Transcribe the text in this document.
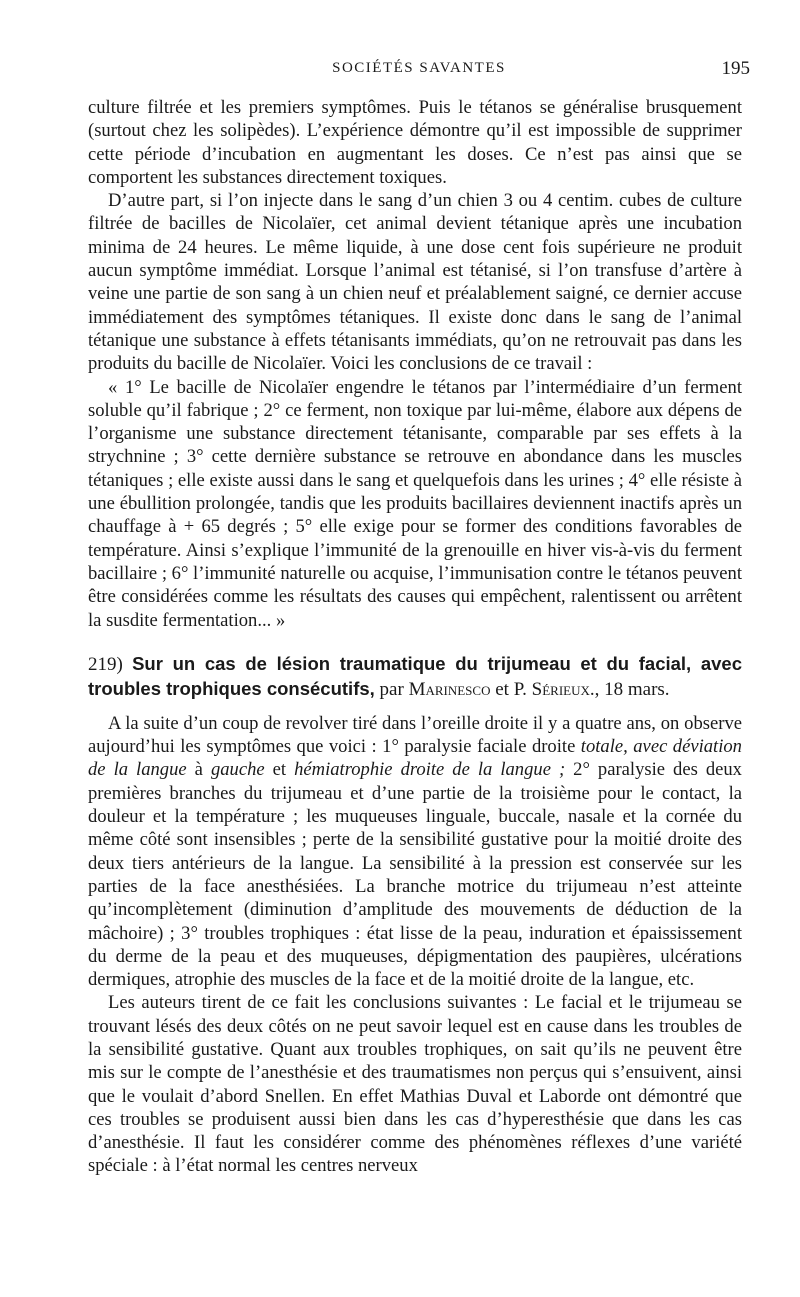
SOCIÉTÉS SAVANTES	195

culture filtrée et les premiers symptômes. Puis le tétanos se généralise brusquement (surtout chez les solipèdes). L’expérience démontre qu’il est impossible de supprimer cette période d’incubation en augmentant les doses. Ce n’est pas ainsi que se comportent les substances directement toxiques.

D’autre part, si l’on injecte dans le sang d’un chien 3 ou 4 centim. cubes de culture filtrée de bacilles de Nicolaïer, cet animal devient tétanique après une incubation minima de 24 heures. Le même liquide, à une dose cent fois supérieure ne produit aucun symptôme immédiat. Lorsque l’animal est tétanisé, si l’on transfuse d’artère à veine une partie de son sang à un chien neuf et préalablement saigné, ce dernier accuse immédiatement des symptômes tétaniques. Il existe donc dans le sang de l’animal tétanique une substance à effets tétanisants immédiats, qu’on ne retrouvait pas dans les produits du bacille de Nicolaïer. Voici les conclusions de ce travail :

« 1° Le bacille de Nicolaïer engendre le tétanos par l’intermédiaire d’un ferment soluble qu’il fabrique ; 2° ce ferment, non toxique par lui-même, élabore aux dépens de l’organisme une substance directement tétanisante, comparable par ses effets à la strychnine ; 3° cette dernière substance se retrouve en abondance dans les muscles tétaniques ; elle existe aussi dans le sang et quelquefois dans les urines ; 4° elle résiste à une ébullition prolongée, tandis que les produits bacillaires deviennent inactifs après un chauffage à + 65 degrés ; 5° elle exige pour se former des conditions favorables de température. Ainsi s’explique l’immunité de la grenouille en hiver vis-à-vis du ferment bacillaire ; 6° l’immunité naturelle ou acquise, l’immunisation contre le tétanos peuvent être considérées comme les résultats des causes qui empêchent, ralentissent ou arrêtent la susdite fermentation... »

219) Sur un cas de lésion traumatique du trijumeau et du facial, avec troubles trophiques consécutifs, par Marinesco et P. Sérieux., 18 mars.

A la suite d’un coup de revolver tiré dans l’oreille droite il y a quatre ans, on observe aujourd’hui les symptômes que voici : 1° paralysie faciale droite totale, avec déviation de la langue à gauche et hémiatrophie droite de la langue ; 2° paralysie des deux premières branches du trijumeau et d’une partie de la troisième pour le contact, la douleur et la température ; les muqueuses linguale, buccale, nasale et la cornée du même côté sont insensibles ; perte de la sensibilité gustative pour la moitié droite des deux tiers antérieurs de la langue. La sensibilité à la pression est conservée sur les parties de la face anesthésiées. La branche motrice du trijumeau n’est atteinte qu’incomplètement (diminution d’amplitude des mouvements de déduction de la mâchoire) ; 3° troubles trophiques : état lisse de la peau, induration et épaississement du derme de la peau et des muqueuses, dépigmentation des paupières, ulcérations dermiques, atrophie des muscles de la face et de la moitié droite de la langue, etc.

Les auteurs tirent de ce fait les conclusions suivantes : Le facial et le trijumeau se trouvant lésés des deux côtés on ne peut savoir lequel est en cause dans les troubles de la sensibilité gustative. Quant aux troubles trophiques, on sait qu’ils ne peuvent être mis sur le compte de l’anesthésie et des traumatismes non perçus qui s’ensuivent, ainsi que le voulait d’abord Snellen. En effet Mathias Duval et Laborde ont démontré que ces troubles se produisent aussi bien dans les cas d’hyperesthésie que dans les cas d’anesthésie. Il faut les considérer comme des phénomènes réflexes d’une variété spéciale : à l’état normal les centres nerveux
